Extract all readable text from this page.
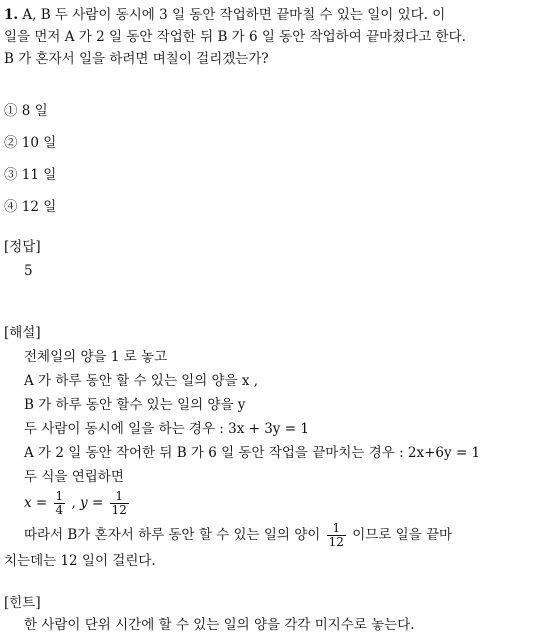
1. A, B 두 사람이 동시에 3 일 동안 작업하면 끝마칠 수 있는 일이 있다. 이
일을 먼저 A 가 2 일 동안 작업한 뒤 B 가 6 일 동안 작업하여 끝마쳤다고 한다.
B 가 혼자서 일을 하려면 며칠이 걸리겠는가?
① 8 일
② 10 일
③ 11 일
④ 12 일
[정답]
5
[해설]
전체일의 양을 1 로 놓고
A 가 하루 동안 할 수 있는 일의 양을 x ,
B 가 하루 동안 할수 있는 일의 양을 y
두 사람이 동시에 일을 하는 경우 : 3x + 3y = 1
A 가 2 일 동안 작어한 뒤 B 가 6 일 동안 작업을 끝마치는 경우 : 2x+6y = 1
두 식을 연립하면
$x = \frac{1}{4}$ , $y = \frac{1}{12}$
따라서 B가 혼자서 하루 동안 할 수 있는 일의 양이 $\frac{1}{12}$ 이므로 일을 끝마
치는데는 12 일이 걸린다.
[힌트]
한 사람이 단위 시간에 할 수 있는 일의 양을 각각 미지수로 놓는다.
